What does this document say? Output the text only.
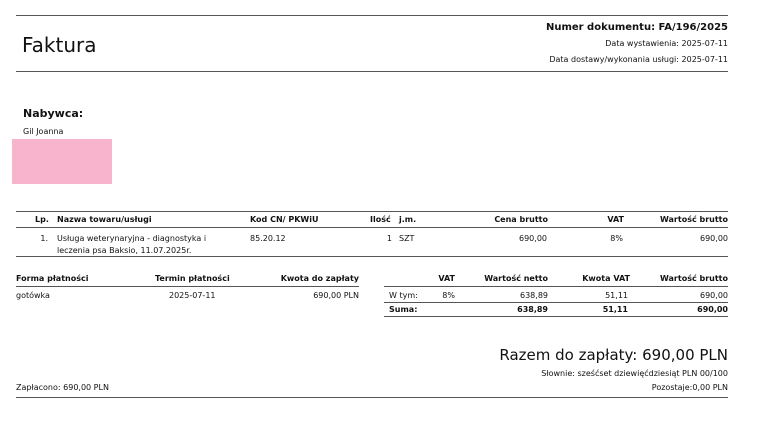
Faktura
Numer dokumentu: FA/196/2025
Data wystawienia: 2025-07-11
Data dostawy/wykonania usługi: 2025-07-11
Nabywca:
Gil Joanna
Lp. Nazwa towaru/usługi	Kod CN/ PKWiU	Ilość j.m.	Cena brutto	VAT	Wartość brutto
1. Usługa weterynaryjna - diagnostyka i
leczenia psa Baksio, 11.07.2025r.
85.20.12	1 SZT	690,00	8%	690,00
Forma płatności	Termin płatności	Kwota do zapłaty
gotówka	2025-07-11	690,00 PLN
VAT	Wartość netto	Kwota VAT	Wartość brutto
W tym:	8%	638,89	51,11	690,00
Suma:	638,89	51,11	690,00
Razem do zapłaty: 690,00 PLN
Słownie: sześćset dziewięćdziesiąt PLN 00/100
Zapłacono: 690,00 PLN	Pozostaje:0,00 PLN
